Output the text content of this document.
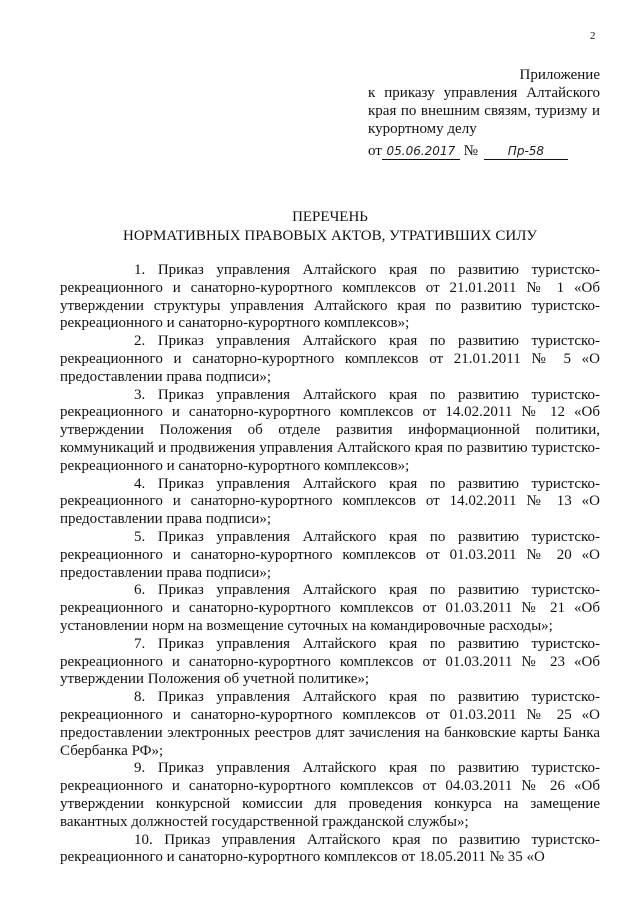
2
Приложение
к приказу управления Алтайского края по внешним связям, туризму и курортному делу
от 05.06.2017 № Пр-58
ПЕРЕЧЕНЬ
НОРМАТИВНЫХ ПРАВОВЫХ АКТОВ, УТРАТИВШИХ СИЛУ

1. Приказ управления Алтайского края по развитию туристско-рекреационного и санаторно-курортного комплексов от 21.01.2011 № 1 «Об утверждении структуры управления Алтайского края по развитию туристско-рекреационного и санаторно-курортного комплексов»;

2. Приказ управления Алтайского края по развитию туристско-рекреационного и санаторно-курортного комплексов от 21.01.2011 № 5 «О предоставлении права подписи»;

3. Приказ управления Алтайского края по развитию туристско-рекреационного и санаторно-курортного комплексов от 14.02.2011 № 12 «Об утверждении Положения об отделе развития информационной политики, коммуникаций и продвижения управления Алтайского края по развитию туристско-рекреационного и санаторно-курортного комплексов»;

4. Приказ управления Алтайского края по развитию туристско-рекреационного и санаторно-курортного комплексов от 14.02.2011 № 13 «О предоставлении права подписи»;

5. Приказ управления Алтайского края по развитию туристско-рекреационного и санаторно-курортного комплексов от 01.03.2011 № 20 «О предоставлении права подписи»;

6. Приказ управления Алтайского края по развитию туристско-рекреационного и санаторно-курортного комплексов от 01.03.2011 № 21 «Об установлении норм на возмещение суточных на командировочные расходы»;

7. Приказ управления Алтайского края по развитию туристско-рекреационного и санаторно-курортного комплексов от 01.03.2011 № 23 «Об утверждении Положения об учетной политике»;

8. Приказ управления Алтайского края по развитию туристско-рекреационного и санаторно-курортного комплексов от 01.03.2011 № 25 «О предоставлении электронных реестров длят зачисления на банковские карты Банка Сбербанка РФ»;

9. Приказ управления Алтайского края по развитию туристско-рекреационного и санаторно-курортного комплексов от 04.03.2011 № 26 «Об утверждении конкурсной комиссии для проведения конкурса на замещение вакантных должностей государственной гражданской службы»;

10. Приказ управления Алтайского края по развитию туристско-рекреационного и санаторно-курортного комплексов от 18.05.2011 № 35 «О
